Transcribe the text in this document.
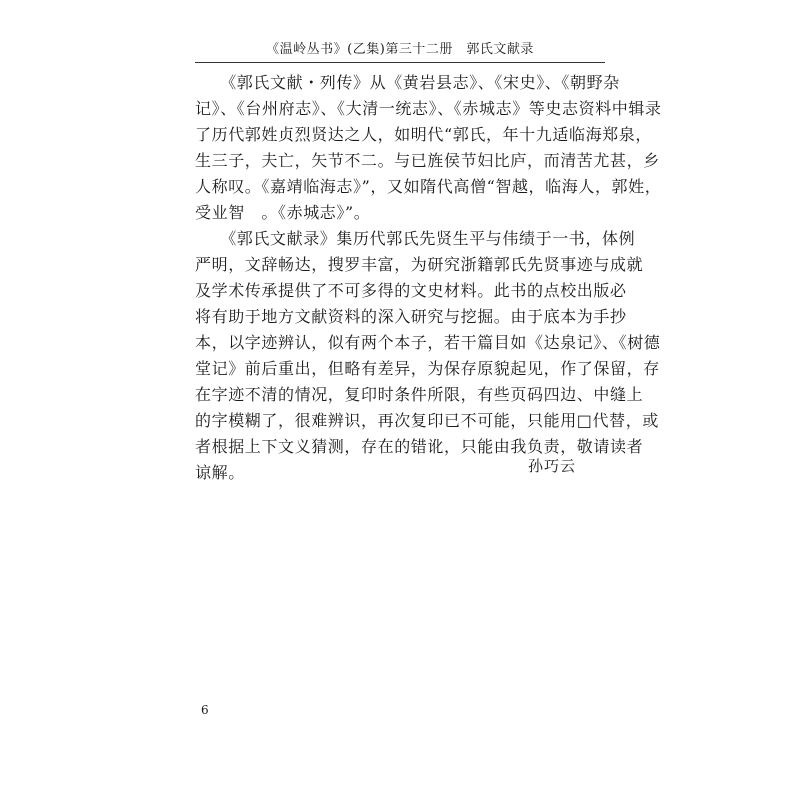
《温岭丛书》(乙集)第三十二册　郭氏文献录
　　《郭氏文献・列传》从《黄岩县志》、《宋史》、《朝野杂
记》、《台州府志》、《大清一统志》、《赤城志》等史志资料中辑录
了历代郭姓贞烈贤达之人，如明代“郭氏，年十九适临海郑泉，
生三子，夫亡，矢节不二。与已旌侯节妇比庐，而清苦尤甚，乡
人称叹。《嘉靖临海志》”，又如隋代高僧“智越，临海人，郭姓，
受业智　。《赤城志》”。
　　《郭氏文献录》集历代郭氏先贤生平与伟绩于一书，体例
严明，文辞畅达，搜罗丰富，为研究浙籍郭氏先贤事迹与成就
及学术传承提供了不可多得的文史材料。此书的点校出版必
将有助于地方文献资料的深入研究与挖掘。由于底本为手抄
本，以字迹辨认，似有两个本子，若干篇目如《达泉记》、《树德
堂记》前后重出，但略有差异，为保存原貌起见，作了保留，存
在字迹不清的情况，复印时条件所限，有些页码四边、中缝上
的字模糊了，很难辨识，再次复印已不可能，只能用□代替，或
者根据上下文义猜测，存在的错讹，只能由我负责，敬请读者
谅解。	孙巧云
6
